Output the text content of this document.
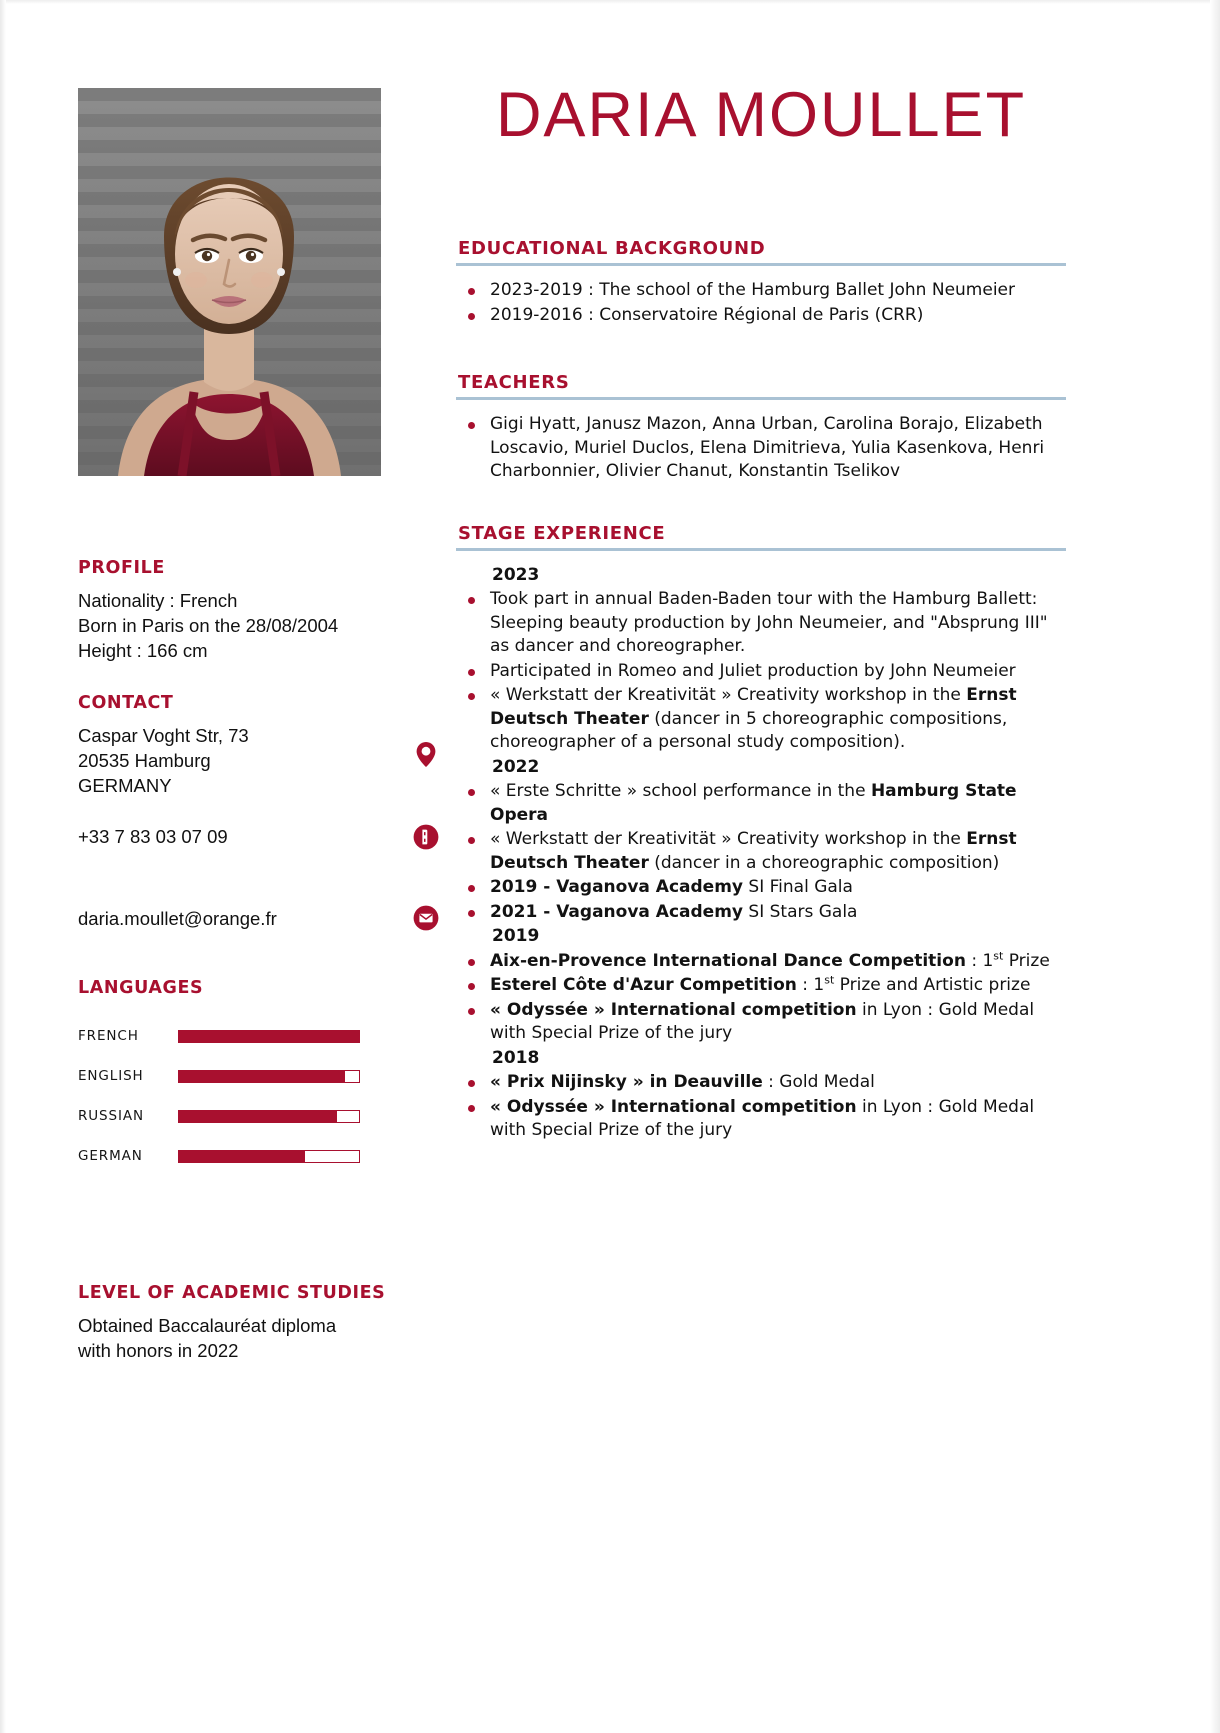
PROFILE
Nationality : French
Born in Paris on the 28/08/2004
Height : 166 cm
CONTACT
Caspar Voght Str, 73
20535 Hamburg
GERMANY
+33 7 83 03 07 09
daria.moullet@orange.fr
LANGUAGES
FRENCH
ENGLISH
RUSSIAN
GERMAN
LEVEL OF ACADEMIC STUDIES
Obtained Baccalauréat diploma
with honors in 2022
DARIA MOULLET
EDUCATIONAL BACKGROUND
2023-2019 : The school of the Hamburg Ballet John Neumeier
2019-2016 : Conservatoire Régional de Paris (CRR)
TEACHERS
Gigi Hyatt, Janusz Mazon, Anna Urban, Carolina Borajo, Elizabeth Loscavio, Muriel Duclos, Elena Dimitrieva, Yulia Kasenkova, Henri Charbonnier, Olivier Chanut, Konstantin Tselikov
STAGE EXPERIENCE
2023
Took part in annual Baden-Baden tour with the Hamburg Ballett: Sleeping beauty production by John Neumeier, and "Absprung III" as dancer and choreographer.
Participated in Romeo and Juliet production by John Neumeier
« Werkstatt der Kreativität » Creativity workshop in the Ernst Deutsch Theater (dancer in 5 choreographic compositions, choreographer of a personal study composition).
2022
« Erste Schritte » school performance in the Hamburg State Opera
« Werkstatt der Kreativität » Creativity workshop in the Ernst Deutsch Theater (dancer in a choreographic composition)
2019 - Vaganova Academy SI Final Gala
2021 - Vaganova Academy SI Stars Gala
2019
Aix-en-Provence International Dance Competition : 1st Prize
Esterel Côte d'Azur Competition : 1st Prize and Artistic prize
« Odyssée » International competition in Lyon : Gold Medal with Special Prize of the jury
2018
« Prix Nijinsky » in Deauville : Gold Medal
« Odyssée » International competition in Lyon : Gold Medal with Special Prize of the jury
